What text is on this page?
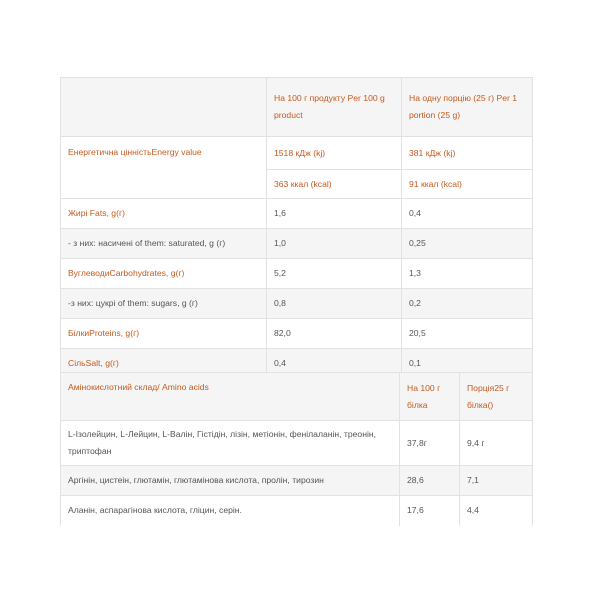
	На 100 г продукту Per 100 g product	На одну порцію (25 г) Per 1 portion (25 g)
Енергетична цінністьEnergy value	1518 кДж (kj)	381 кДж (kj)
	363 ккал (kcal)	91 ккал (kcal)
Жирі Fats, g(г)	1,6	0,4
- з них: насичені of them: saturated, g (г)	1,0	0,25
ВуглеводиCarbohydrates, g(г)	5,2	1,3
-з них: цукрі of them: sugars, g (г)	0,8	0,2
БілкиProteins, g(г)	82,0	20,5
СільSalt, g(г)	0,4	0,1
Амінокислотний склад/ Amino acids	На 100 г білка	Порція25 г білка()
L-Ізолейцин, L-Лейцин, L-Валін, Гістідін, лізін, метіонін, фенілаланін, треонін, триптофан	37,8г	9,4 г
Аргінін, цистеін, глютамін, глютамінова кислота, пролін, тирозин	28,6	7,1
Аланін, аспарагінова кислота, гліцин, серін.	17,6	4,4
